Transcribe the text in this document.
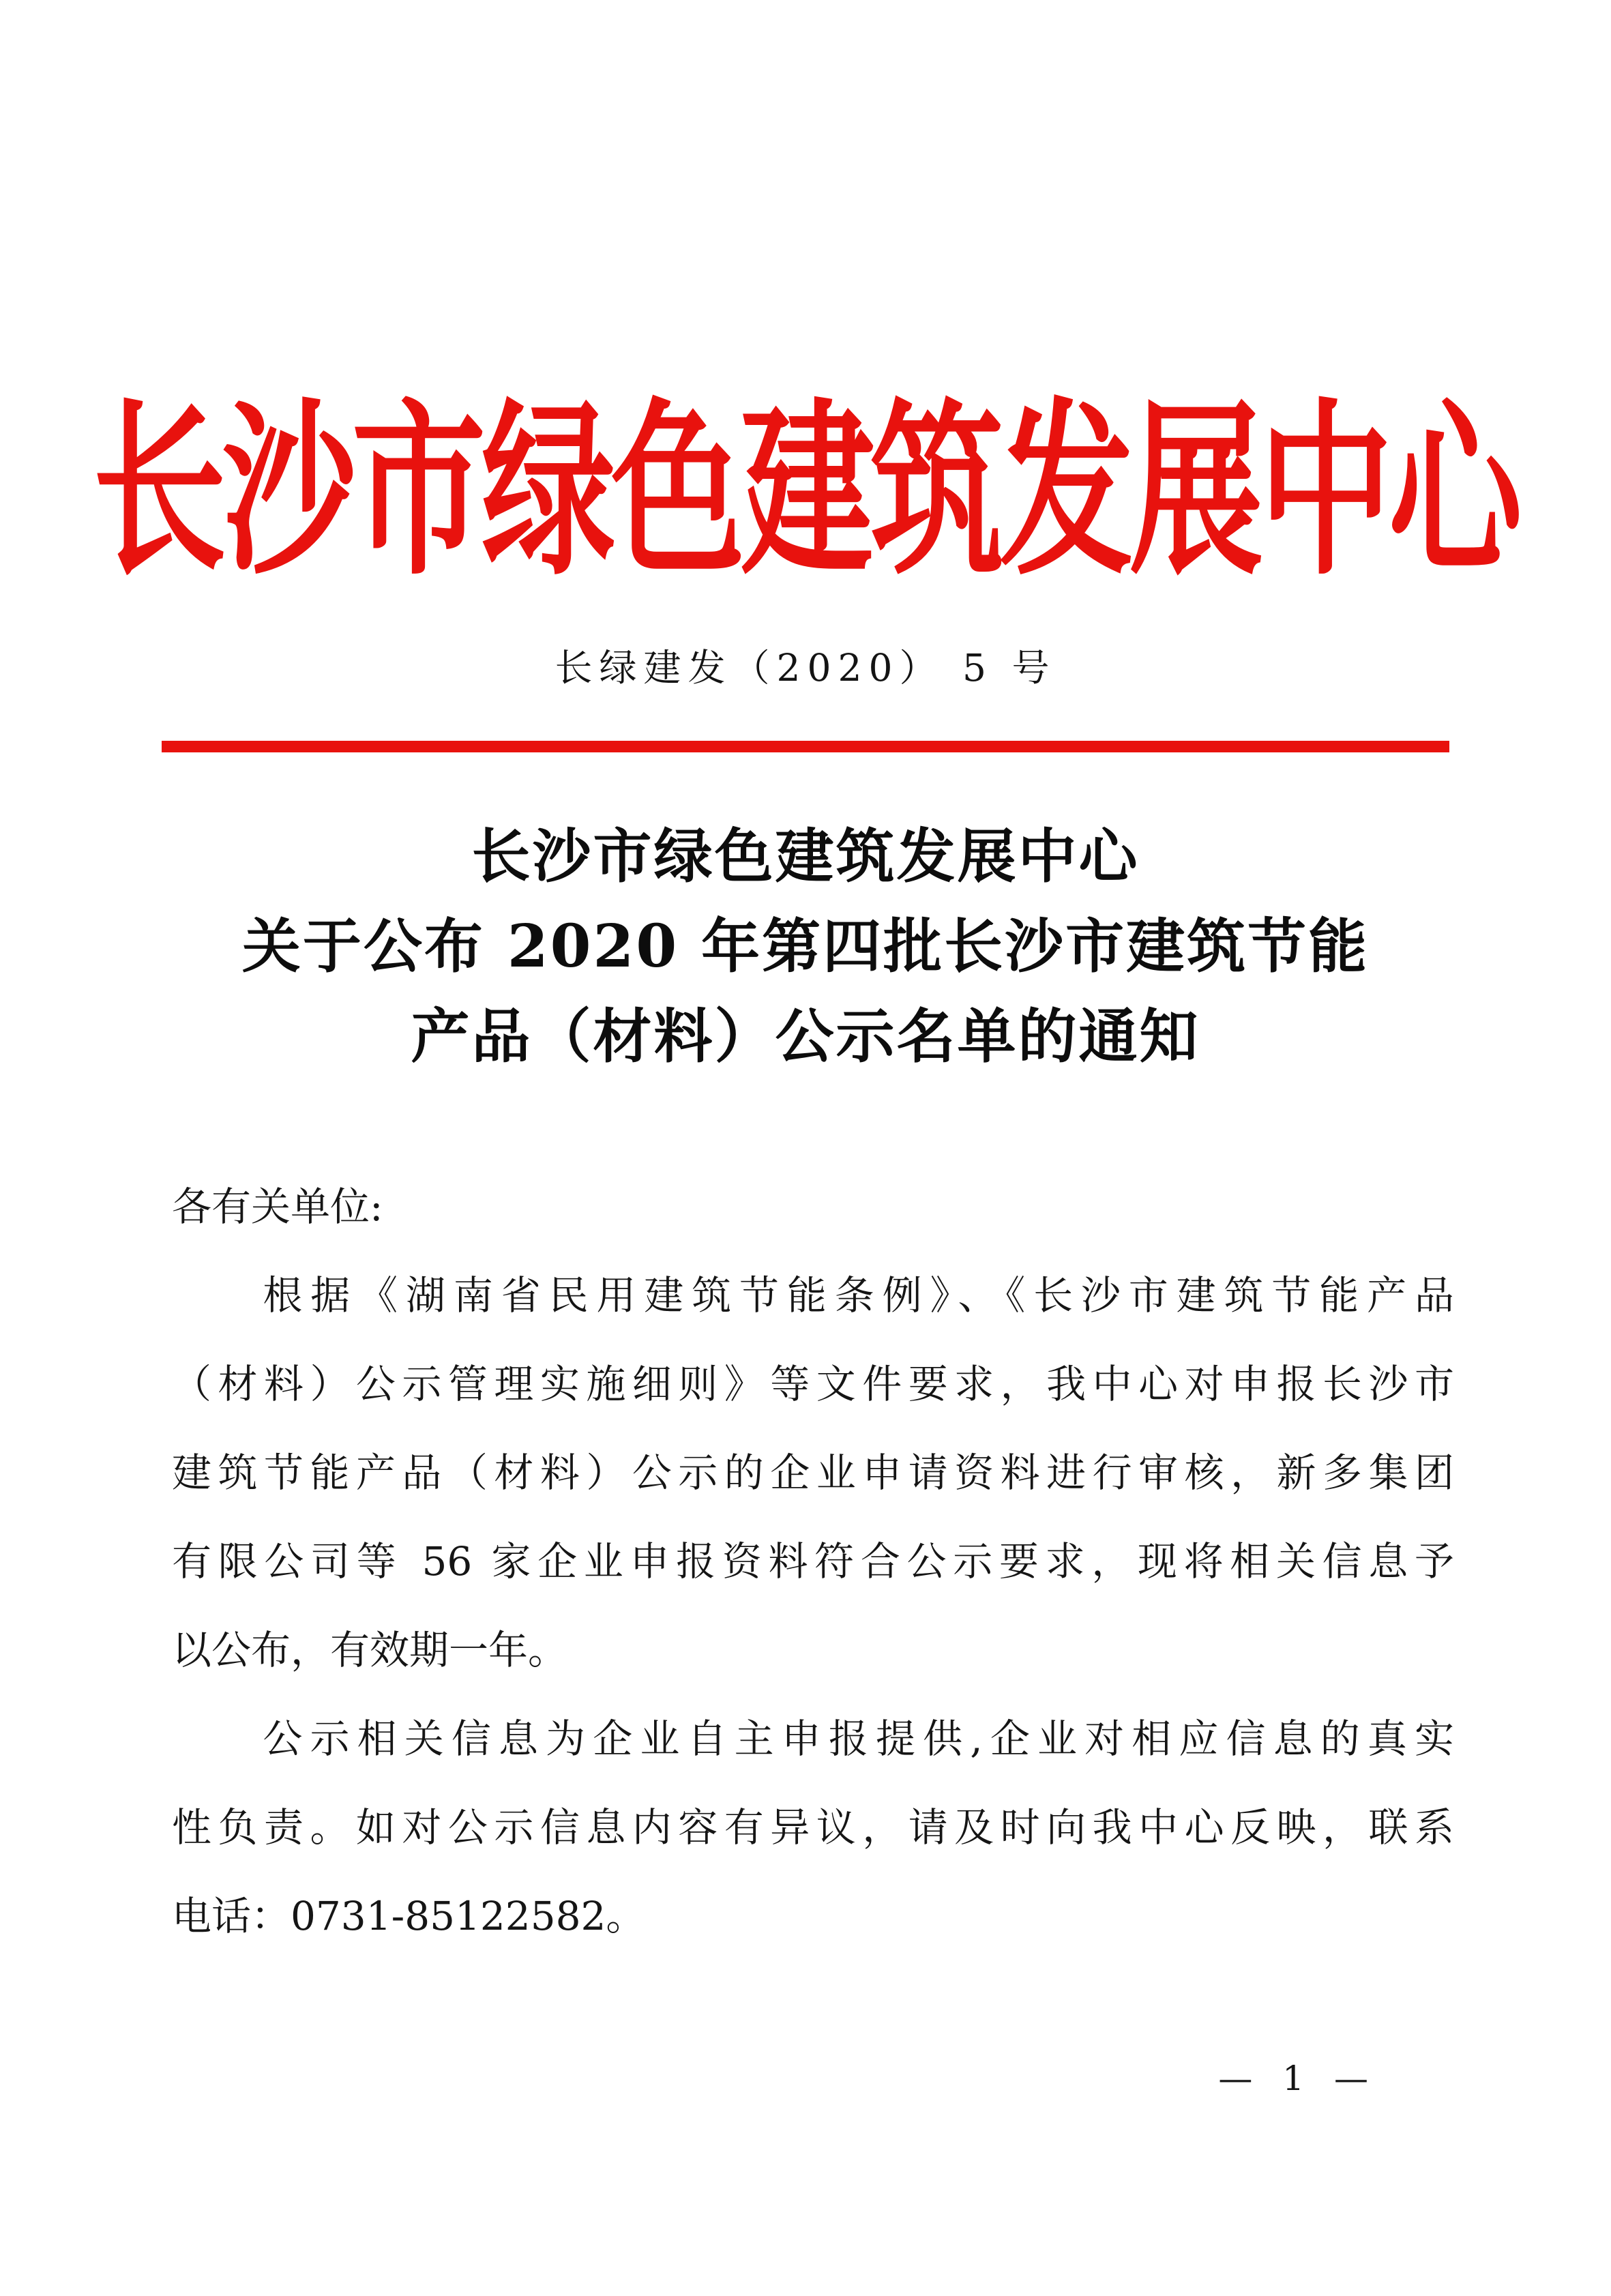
长沙市绿色建筑发展中心
长绿建发（2020） 5 号
长沙市绿色建筑发展中心
关于公布 2020 年第四批长沙市建筑节能
产品（材料）公示名单的通知
各有关单位:
根据《湖南省民用建筑节能条例》、《长沙市建筑节能产品
（材料）公示管理实施细则》等文件要求，我中心对申报长沙市
建筑节能产品（材料）公示的企业申请资料进行审核，新多集团
有限公司等 56 家企业申报资料符合公示要求，现将相关信息予
以公布，有效期一年。
公示相关信息为企业自主申报提供,企业对相应信息的真实
性负责。如对公示信息内容有异议，请及时向我中心反映，联系
电话：0731-85122582。
— 1 —
